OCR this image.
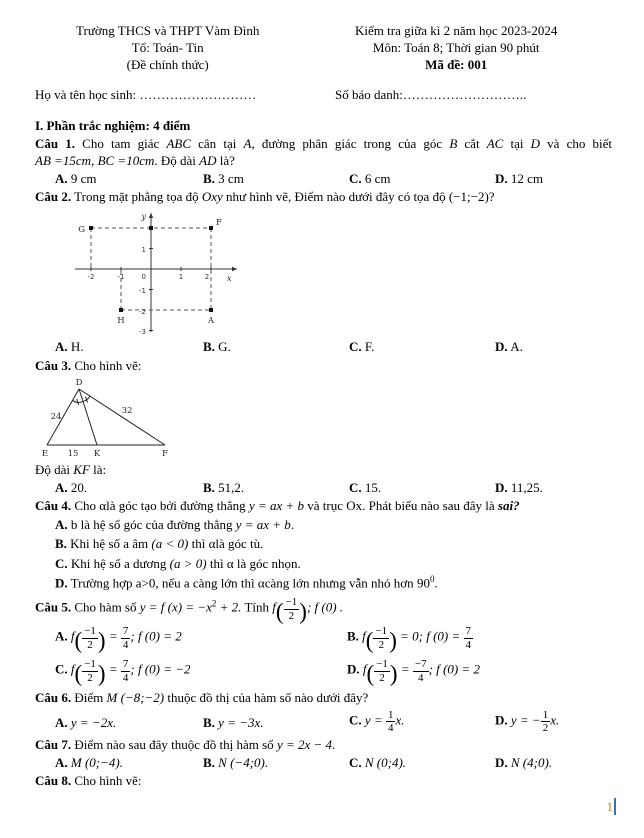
Trường THCS và THPT Vàm Đình
Tổ: Toán- Tin
(Đề chính thức)
Kiểm tra giữa kì 2 năm học 2023-2024
Môn: Toán 8; Thời gian 90 phút
Mã đề: 001
Họ và tên học sinh: ………………………	Số báo danh:………………………..
I. Phần trắc nghiệm: 4 điểm
Câu 1. Cho tam giác ABC cân tại A, đường phân giác trong của góc B cắt AC tại D và cho biết
AB =15cm, BC =10cm. Độ dài AD là?
A. 9 cm	B. 3 cm	C. 6 cm	D. 12 cm
Câu 2. Trong mặt phẳng tọa độ Oxy như hình vẽ, Điểm nào dưới đây có tọa độ (−1;−2)?
G
F
H	A
-2	-1 0	1	2
1
-1
-2
-3
y
x
A. H.	B. G.	C. F.	D. A.
Câu 3. Cho hình vẽ:
D
E	K	F
24
32
15
Độ dài KF là:
A. 20.	B. 51,2.	C. 15.	D. 11,25.
Câu 4. Cho αlà góc tạo bởi đường thẳng y = ax + b và trục Ox. Phát biểu nào sau đây là sai?
A. b là hệ số góc của đường thẳng y = ax + b.
B. Khi hệ số a âm (a < 0) thì αlà góc tù.
C. Khi hệ số a dương (a > 0) thì α là góc nhọn.
D. Trường hợp a>0, nếu a càng lớn thì αcàng lớn nhưng vẫn nhỏ hơn $90^0$.
Câu 5. Cho hàm số y = f $(x) = -x^2 + 2$. Tính $f( \frac{-1}{2}$ ); f (0) .
A. $f( \frac{-1}{2}$ ) = $\frac{7}{4}$ ; f (0) = 2	B. $f( \frac{-1}{2}$ ) = 0; f $(0) = \frac{7}{4}$
C. $f( \frac{-1}{2}$ ) = $\frac{7}{4}$ ; f (0) = −2	D. $f( \frac{-1}{2}$ ) = $\frac{-7}{4}$ ; f (0) = 2
Câu 6. Điểm M (−8;−2) thuộc đồ thị của hàm số nào dưới đây?
A. y = −2x.	B. y = −3x.	C. $y = \frac{1}{4} x$.	D. y = − $\frac{1}{2} x$.
Câu 7. Điểm nào sau đây thuộc đồ thị hàm số y = 2x − 4.
A. M (0;−4).	B. N (−4;0).	C. N (0;4).	D. N (4;0).
Câu 8. Cho hình vẽ:
1
